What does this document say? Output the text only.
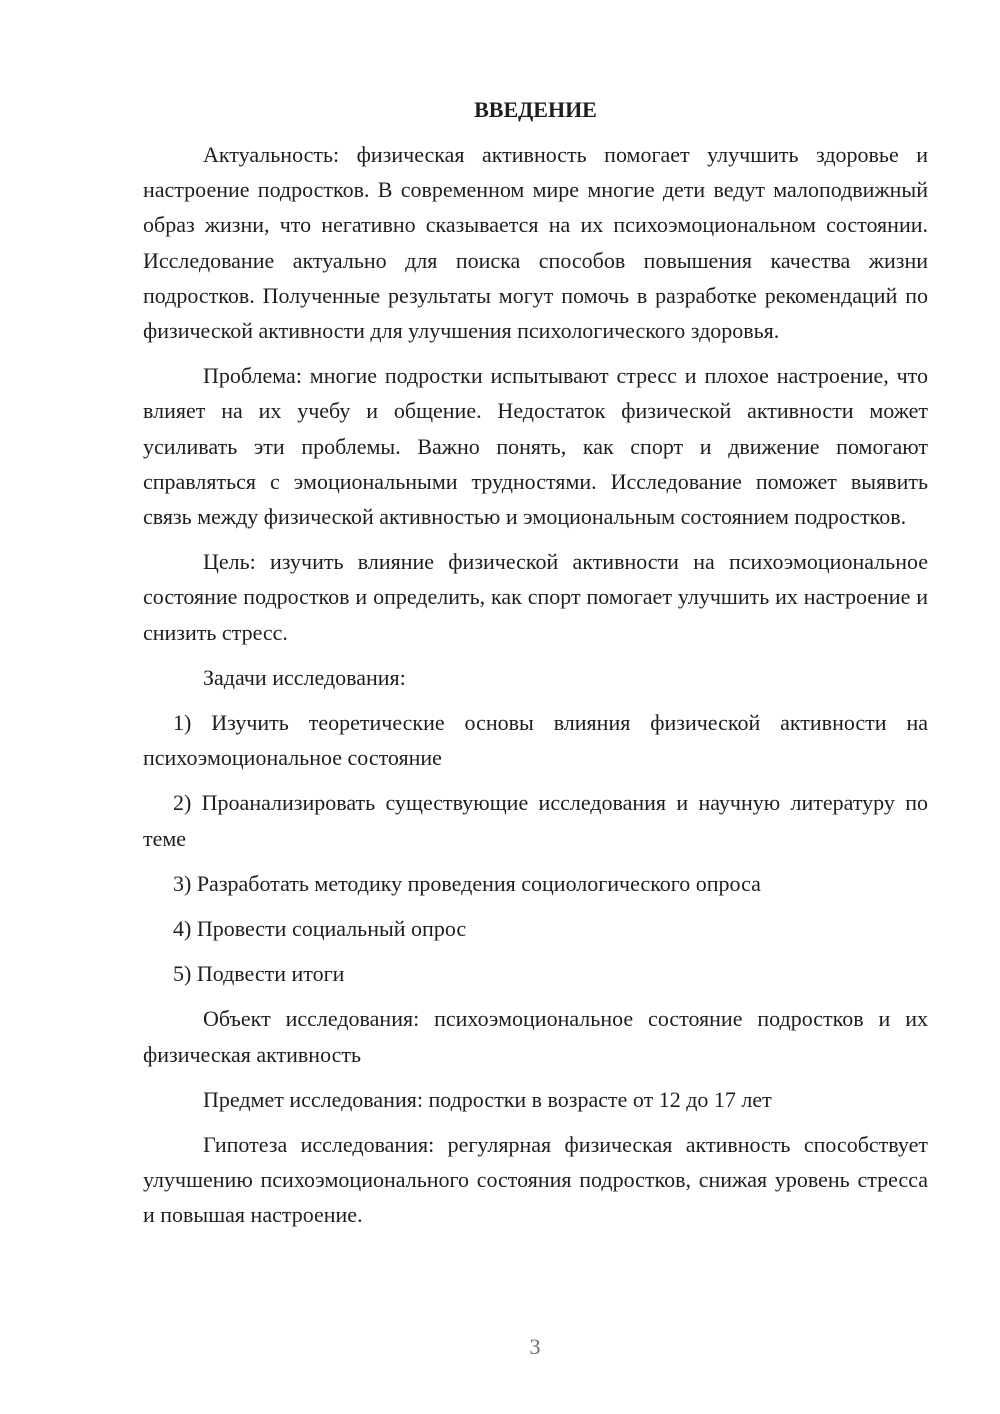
ВВЕДЕНИЕ

Актуальность: физическая активность помогает улучшить здоровье и настроение подростков. В современном мире многие дети ведут малоподвижный образ жизни, что негативно сказывается на их психоэмоциональном состоянии. Исследование актуально для поиска способов повышения качества жизни подростков. Полученные результаты могут помочь в разработке рекомендаций по физической активности для улучшения психологического здоровья.

Проблема: многие подростки испытывают стресс и плохое настроение, что влияет на их учебу и общение. Недостаток физической активности может усиливать эти проблемы. Важно понять, как спорт и движение помогают справляться с эмоциональными трудностями. Исследование поможет выявить связь между физической активностью и эмоциональным состоянием подростков.

Цель: изучить влияние физической активности на психоэмоциональное состояние подростков и определить, как спорт помогает улучшить их настроение и снизить стресс.

Задачи исследования:

1) Изучить теоретические основы влияния физической активности на психоэмоциональное состояние

2) Проанализировать существующие исследования и научную литературу по теме

3) Разработать методику проведения социологического опроса

4) Провести социальный опрос

5) Подвести итоги

Объект исследования: психоэмоциональное состояние подростков и их физическая активность

Предмет исследования: подростки в возрасте от 12 до 17 лет

Гипотеза исследования: регулярная физическая активность способствует улучшению психоэмоционального состояния подростков, снижая уровень стресса и повышая настроение.

3
